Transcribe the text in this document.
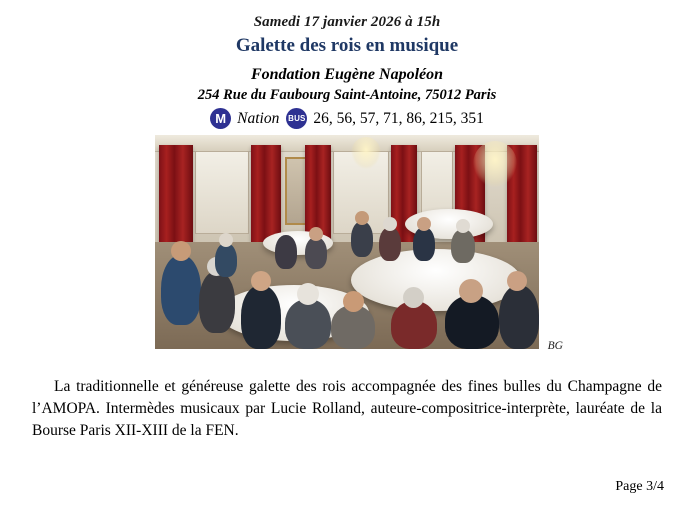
Samedi 17 janvier 2026 à 15h

Galette des rois en musique

Fondation Eugène Napoléon

254 Rue du Faubourg Saint-Antoine, 75012 Paris

M Nation BUS 26, 56, 57, 71, 86, 215, 351
BG

La traditionnelle et généreuse galette des rois accompagnée des fines bulles du Champagne de l’AMOPA. Intermèdes musicaux par Lucie Rolland, auteure-compositrice-interprète, lauréate de la Bourse Paris XII-XIII de la FEN.

Page 3/4
